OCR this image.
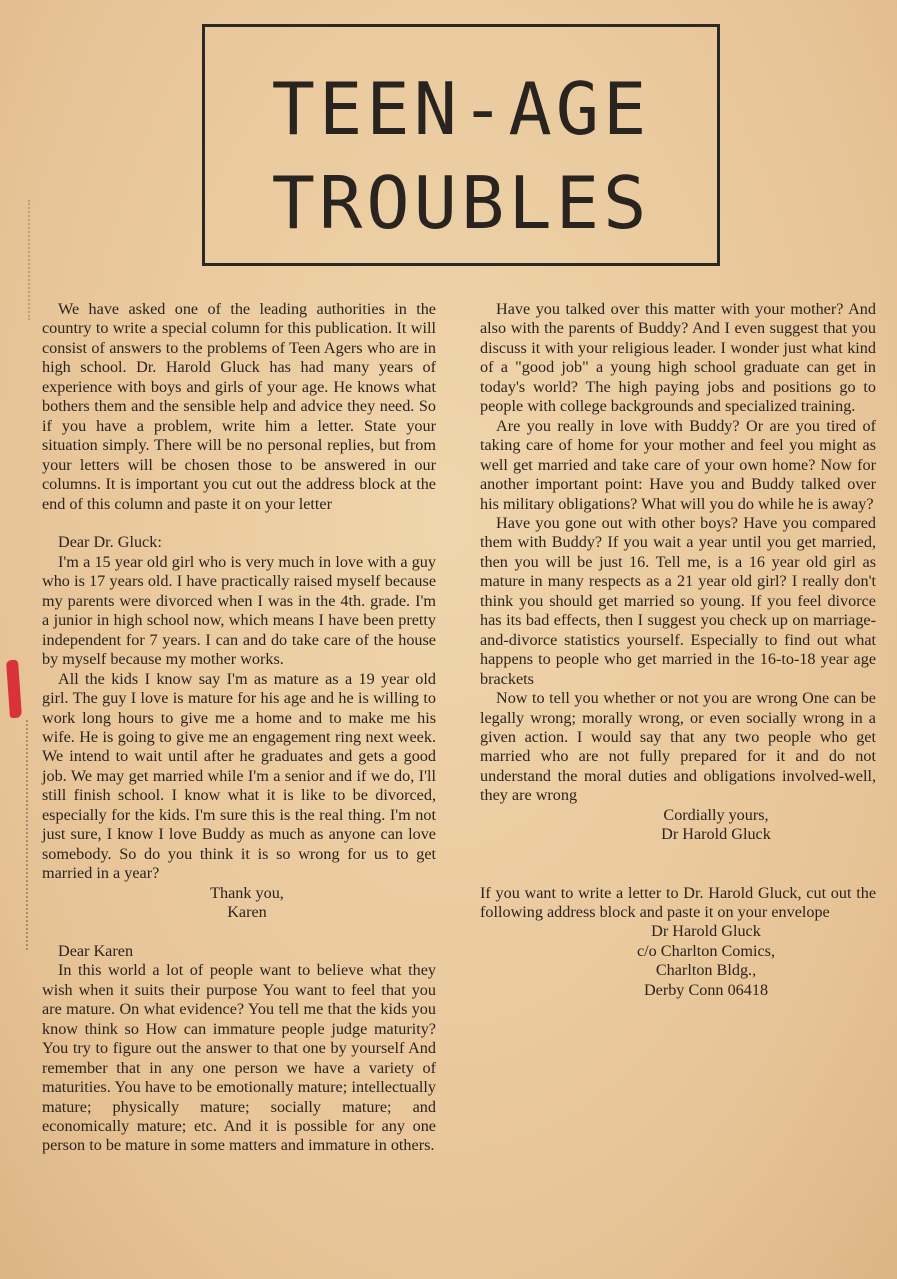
TEEN-AGE
TROUBLES

We have asked one of the leading authorities in the country to write a special column for this publication. It will consist of answers to the problems of Teen Agers who are in high school. Dr. Harold Gluck has had many years of experience with boys and girls of your age. He knows what bothers them and the sensible help and advice they need. So if you have a problem, write him a letter. State your situation simply. There will be no personal replies, but from your letters will be chosen those to be answered in our columns. It is important you cut out the address block at the end of this column and paste it on your letter

Dear Dr. Gluck:

I'm a 15 year old girl who is very much in love with a guy who is 17 years old. I have practically raised myself because my parents were divorced when I was in the 4th. grade. I'm a junior in high school now, which means I have been pretty independent for 7 years. I can and do take care of the house by myself because my mother works.

All the kids I know say I'm as mature as a 19 year old girl. The guy I love is mature for his age and he is willing to work long hours to give me a home and to make me his wife. He is going to give me an engagement ring next week. We intend to wait until after he graduates and gets a good job. We may get married while I'm a senior and if we do, I'll still finish school. I know what it is like to be divorced, especially for the kids. I'm sure this is the real thing. I'm not just sure, I know I love Buddy as much as anyone can love somebody. So do you think it is so wrong for us to get married in a year?

Thank you,

Karen

Dear Karen

In this world a lot of people want to believe what they wish when it suits their purpose You want to feel that you are mature. On what evidence? You tell me that the kids you know think so How can immature people judge maturity? You try to figure out the answer to that one by yourself And remember that in any one person we have a variety of maturities. You have to be emotionally mature; intellectually mature; physically mature; socially mature; and economically mature; etc. And it is possible for any one person to be mature in some matters and immature in others.

Have you talked over this matter with your mother? And also with the parents of Buddy? And I even suggest that you discuss it with your religious leader. I wonder just what kind of a "good job" a young high school graduate can get in today's world? The high paying jobs and positions go to people with college backgrounds and specialized training.

Are you really in love with Buddy? Or are you tired of taking care of home for your mother and feel you might as well get married and take care of your own home? Now for another important point: Have you and Buddy talked over his military obligations? What will you do while he is away?

Have you gone out with other boys? Have you compared them with Buddy? If you wait a year until you get married, then you will be just 16. Tell me, is a 16 year old girl as mature in many respects as a 21 year old girl? I really don't think you should get married so young. If you feel divorce has its bad effects, then I suggest you check up on marriage-and-divorce statistics yourself. Especially to find out what happens to people who get married in the 16-to-18 year age brackets

Now to tell you whether or not you are wrong One can be legally wrong; morally wrong, or even socially wrong in a given action. I would say that any two people who get married who are not fully prepared for it and do not understand the moral duties and obligations involved-well, they are wrong

Cordially yours,

Dr Harold Gluck

If you want to write a letter to Dr. Harold Gluck, cut out the following address block and paste it on your envelope

Dr Harold Gluck

c/o Charlton Comics,

Charlton Bldg.,

Derby Conn 06418
